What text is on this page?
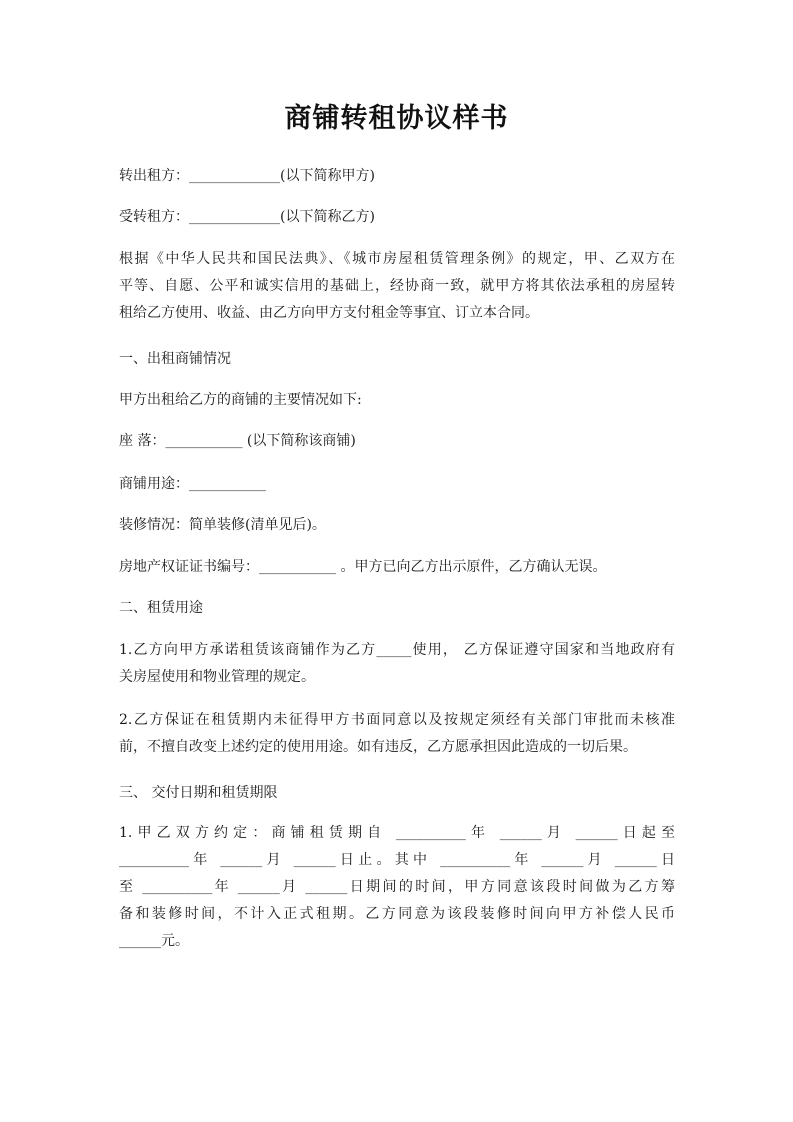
商铺转租协议样书
转出租方：_____________(以下简称甲方)
受转租方：_____________(以下简称乙方)
根据《中华人民共和国民法典》、《城市房屋租赁管理条例》的规定，甲、乙双方在
平等、自愿、公平和诚实信用的基础上，经协商一致，就甲方将其依法承租的房屋转
租给乙方使用、收益、由乙方向甲方支付租金等事宜、订立本合同。
一、出租商铺情况
甲方出租给乙方的商铺的主要情况如下:
座 落：___________ (以下简称该商铺)
商铺用途：___________
装修情况：简单装修(清单见后)。
房地产权证证书编号：___________ 。甲方已向乙方出示原件，乙方确认无误。
二、租赁用途
1.乙方向甲方承诺租赁该商铺作为乙方_____使用， 乙方保证遵守国家和当地政府有
关房屋使用和物业管理的规定。
2.乙方保证在租赁期内未征得甲方书面同意以及按规定须经有关部门审批而未核准
前，不擅自改变上述约定的使用用途。如有违反，乙方愿承担因此造成的一切后果。
三、 交付日期和租赁期限
1.甲乙双方约定：商铺租赁期自 __________年 ______月 ______日起至
__________年 ______月 ______日止。其中 __________年 ______月 ______日
至 __________年 ______月 ______日期间的时间，甲方同意该段时间做为乙方筹
备和装修时间，不计入正式租期。乙方同意为该段装修时间向甲方补偿人民币
______元。
